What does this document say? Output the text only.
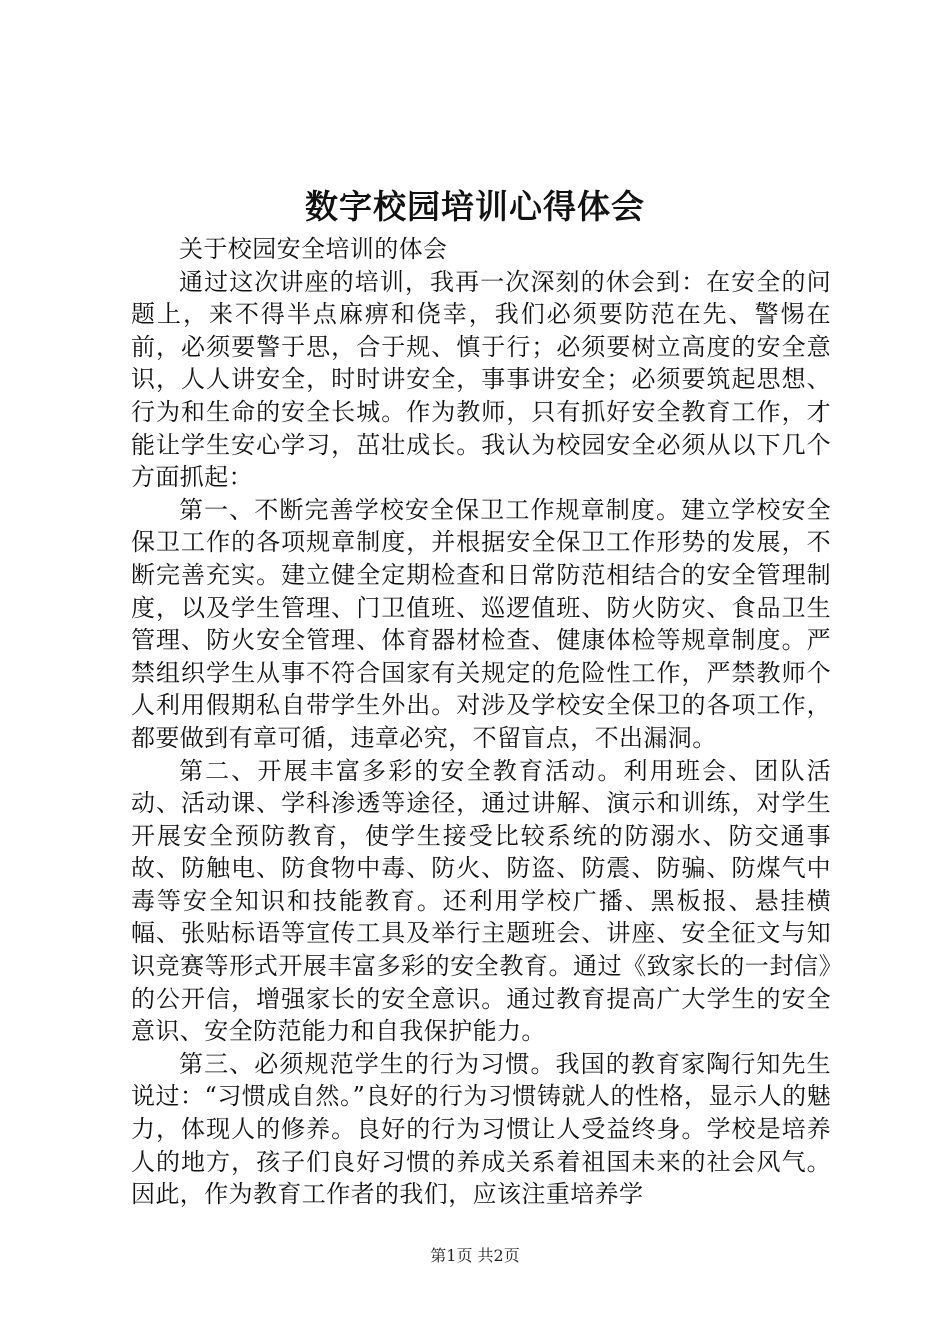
数字校园培训心得体会

关于校园安全培训的体会

通过这次讲座的培训，我再一次深刻的休会到：在安全的问题上，来不得半点麻痹和侥幸，我们必须要防范在先、警惕在前，必须要警于思，合于规、慎于行；必须要树立高度的安全意识，人人讲安全，时时讲安全，事事讲安全；必须要筑起思想、行为和生命的安全长城。作为教师，只有抓好安全教育工作，才能让学生安心学习，茁壮成长。我认为校园安全必须从以下几个方面抓起：

第一、不断完善学校安全保卫工作规章制度。建立学校安全保卫工作的各项规章制度，并根据安全保卫工作形势的发展，不断完善充实。建立健全定期检查和日常防范相结合的安全管理制度，以及学生管理、门卫值班、巡逻值班、防火防灾、食品卫生管理、防火安全管理、体育器材检查、健康体检等规章制度。严禁组织学生从事不符合国家有关规定的危险性工作，严禁教师个人利用假期私自带学生外出。对涉及学校安全保卫的各项工作，都要做到有章可循，违章必究，不留盲点，不出漏洞。

第二、开展丰富多彩的安全教育活动。利用班会、团队活动、活动课、学科渗透等途径，通过讲解、演示和训练，对学生开展安全预防教育，使学生接受比较系统的防溺水、防交通事故、防触电、防食物中毒、防火、防盗、防震、防骗、防煤气中毒等安全知识和技能教育。还利用学校广播、黑板报、悬挂横幅、张贴标语等宣传工具及举行主题班会、讲座、安全征文与知识竞赛等形式开展丰富多彩的安全教育。通过《致家长的一封信》的公开信，增强家长的安全意识。通过教育提高广大学生的安全意识、安全防范能力和自我保护能力。

第三、必须规范学生的行为习惯。我国的教育家陶行知先生说过：“习惯成自然。”良好的行为习惯铸就人的性格，显示人的魅力，体现人的修养。良好的行为习惯让人受益终身。学校是培养人的地方，孩子们良好习惯的养成关系着祖国未来的社会风气。因此，作为教育工作者的我们，应该注重培养学

第1页 共2页
